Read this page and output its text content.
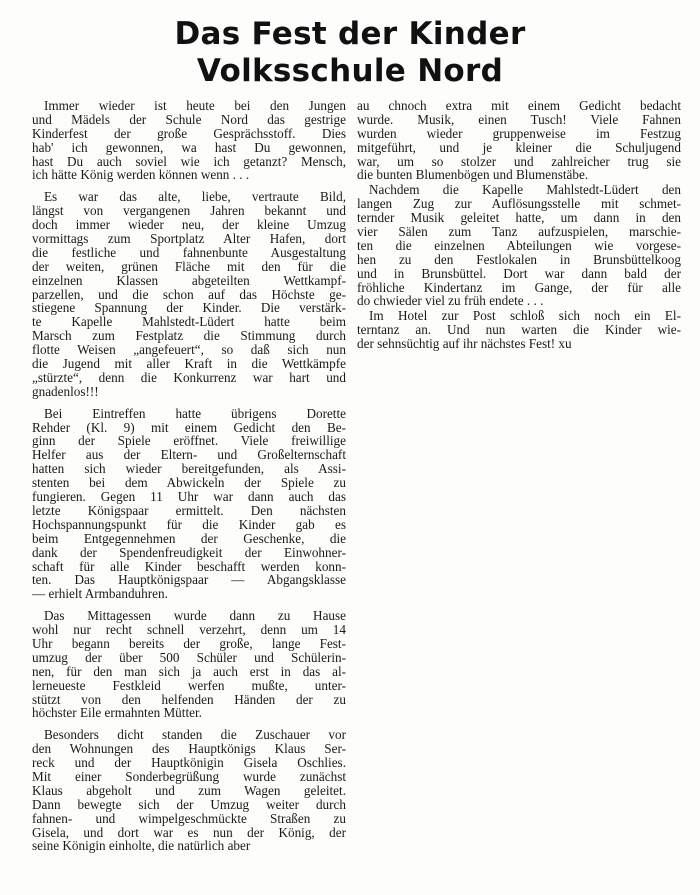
Das Fest der Kinder
Volksschule Nord
Immer wieder ist heute bei den Jungen
und Mädels der Schule Nord das gestrige
Kinderfest der große Gesprächsstoff. Dies
hab' ich gewonnen, wa hast Du gewonnen,
hast Du auch soviel wie ich getanzt? Mensch,
ich hätte König werden können wenn . . .
Es war das alte, liebe, vertraute Bild,
längst von vergangenen Jahren bekannt und
doch immer wieder neu, der kleine Umzug
vormittags zum Sportplatz Alter Hafen, dort
die festliche und fahnenbunte Ausgestaltung
der weiten, grünen Fläche mit den für die
einzelnen Klassen abgeteilten Wettkampf-
parzellen, und die schon auf das Höchste ge-
stiegene Spannung der Kinder. Die verstärk-
te Kapelle Mahlstedt-Lüdert hatte beim
Marsch zum Festplatz die Stimmung durch
flotte Weisen „angefeuert“, so daß sich nun
die Jugend mit aller Kraft in die Wettkämpfe
„stürzte“, denn die Konkurrenz war hart und
gnadenlos!!!
Bei Eintreffen hatte übrigens Dorette
Rehder (Kl. 9) mit einem Gedicht den Be-
ginn der Spiele eröffnet. Viele freiwillige
Helfer aus der Eltern- und Großelternschaft
hatten sich wieder bereitgefunden, als Assi-
stenten bei dem Abwickeln der Spiele zu
fungieren. Gegen 11 Uhr war dann auch das
letzte Königspaar ermittelt. Den nächsten
Hochspannungspunkt für die Kinder gab es
beim Entgegennehmen der Geschenke, die
dank der Spendenfreudigkeit der Einwohner-
schaft für alle Kinder beschafft werden konn-
ten. Das Hauptkönigspaar — Abgangsklasse
— erhielt Armbanduhren.
Das Mittagessen wurde dann zu Hause
wohl nur recht schnell verzehrt, denn um 14
Uhr begann bereits der große, lange Fest-
umzug der über 500 Schüler und Schülerin-
nen, für den man sich ja auch erst in das al-
lerneueste Festkleid werfen mußte, unter-
stützt von den helfenden Händen der zu
höchster Eile ermahnten Mütter.
Besonders dicht standen die Zuschauer vor
den Wohnungen des Hauptkönigs Klaus Ser-
reck und der Hauptkönigin Gisela Oschlies.
Mit einer Sonderbegrüßung wurde zunächst
Klaus abgeholt und zum Wagen geleitet.
Dann bewegte sich der Umzug weiter durch
fahnen- und wimpelgeschmückte Straßen zu
Gisela, und dort war es nun der König, der
seine Königin einholte, die natürlich aber
au chnoch extra mit einem Gedicht bedacht
wurde. Musik, einen Tusch! Viele Fahnen
wurden wieder gruppenweise im Festzug
mitgeführt, und je kleiner die Schuljugend
war, um so stolzer und zahlreicher trug sie
die bunten Blumenbögen und Blumenstäbe.
Nachdem die Kapelle Mahlstedt-Lüdert den
langen Zug zur Auflösungsstelle mit schmet-
ternder Musik geleitet hatte, um dann in den
vier Sälen zum Tanz aufzuspielen, marschie-
ten die einzelnen Abteilungen wie vorgese-
hen zu den Festlokalen in Brunsbüttelkoog
und in Brunsbüttel. Dort war dann bald der
fröhliche Kindertanz im Gange, der für alle
do chwieder viel zu früh endete . . .
Im Hotel zur Post schloß sich noch ein El-
terntanz an. Und nun warten die Kinder wie-
der sehnsüchtig auf ihr nächstes Fest! xu
